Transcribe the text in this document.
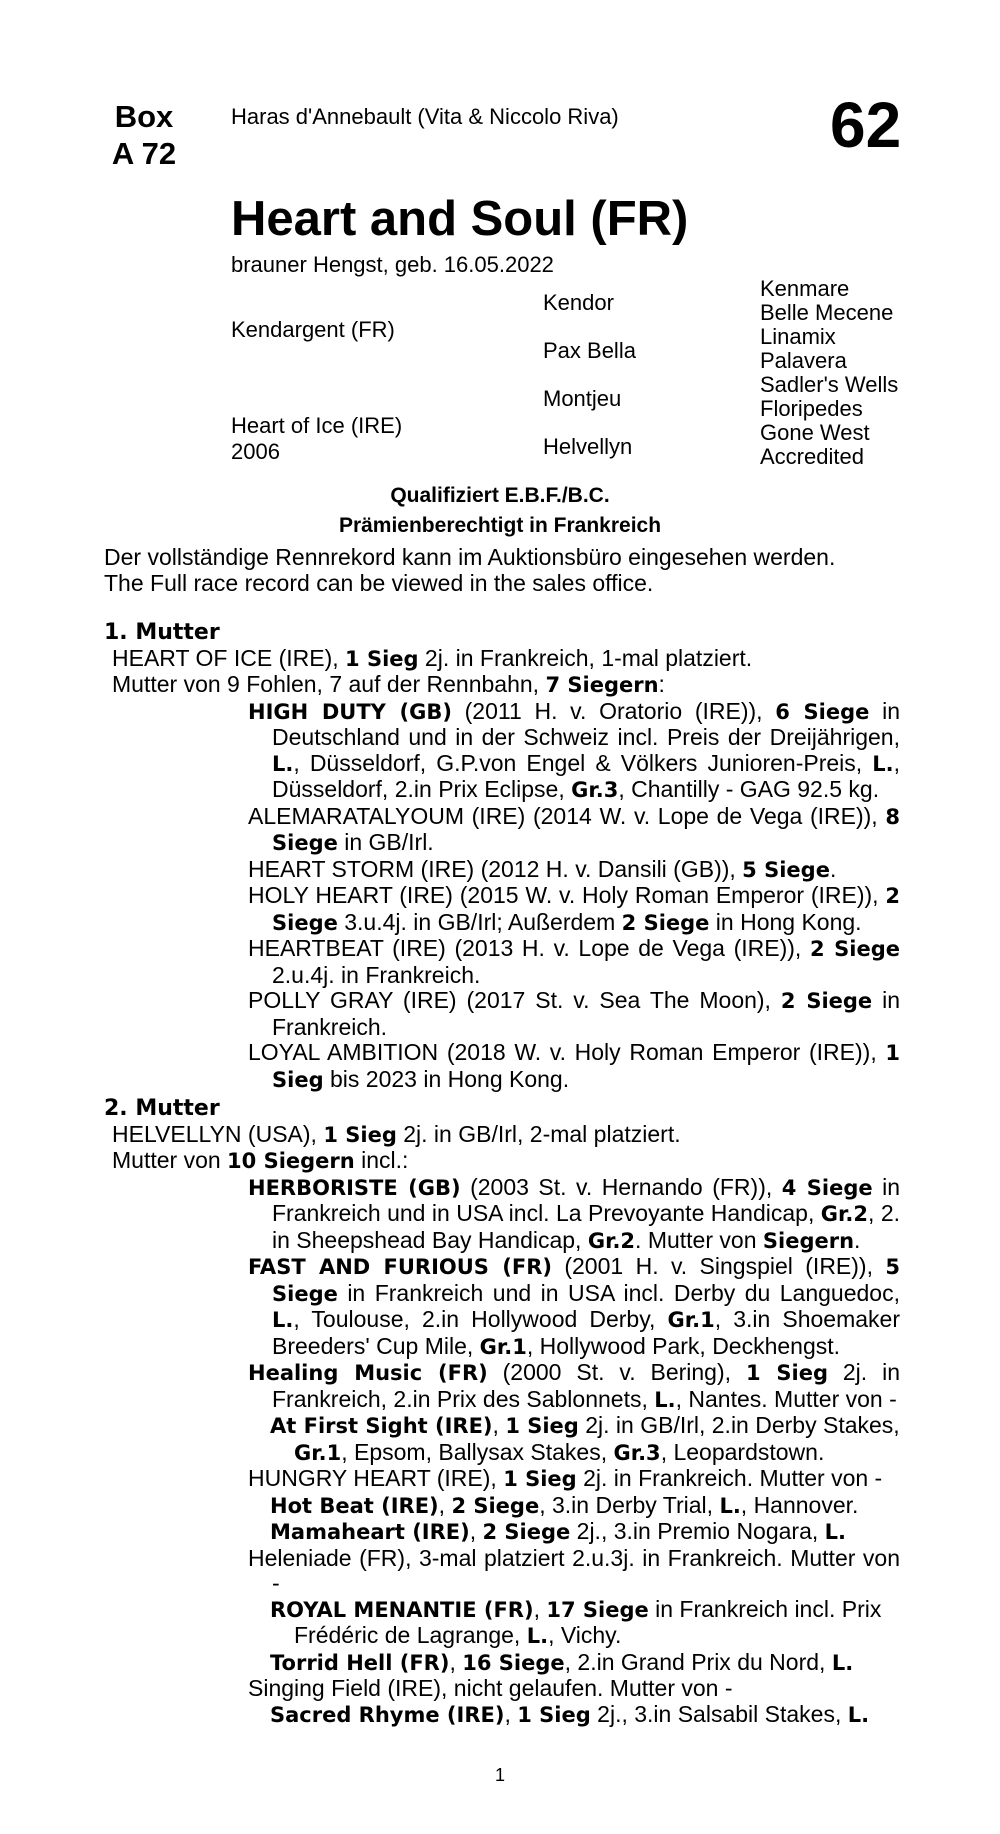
Box
A 72
Haras d'Annebault (Vita & Niccolo Riva)	62
Heart and Soul (FR)
brauner Hengst, geb. 16.05.2022
Kendargent (FR)
Heart of Ice (IRE)
2006
Kendor
Pax Bella
Montjeu
Helvellyn
Kenmare
Belle Mecene
Linamix
Palavera
Sadler's Wells
Floripedes
Gone West
Accredited
Qualifiziert E.B.F./B.C.
Prämienberechtigt in Frankreich
Der vollständige Rennrekord kann im Auktionsbüro eingesehen werden.
The Full race record can be viewed in the sales office.

1. Mutter

HEART OF ICE (IRE), 1 Sieg 2j. in Frankreich, 1-mal platziert.

Mutter von 9 Fohlen, 7 auf der Rennbahn, 7 Siegern:

HIGH DUTY (GB) (2011 H. v. Oratorio (IRE)), 6 Siege in Deutschland und in der Schweiz incl. Preis der Dreijährigen, L., Düsseldorf, G.P.von Engel & Völkers Junioren-Preis, L., Düsseldorf, 2.in Prix Eclipse, Gr.3, Chantilly - GAG 92.5 kg.

ALEMARATALYOUM (IRE) (2014 W. v. Lope de Vega (IRE)), 8 Siege in GB/Irl.

HEART STORM (IRE) (2012 H. v. Dansili (GB)), 5 Siege.

HOLY HEART (IRE) (2015 W. v. Holy Roman Emperor (IRE)), 2 Siege 3.u.4j. in GB/Irl; Außerdem 2 Siege in Hong Kong.

HEARTBEAT (IRE) (2013 H. v. Lope de Vega (IRE)), 2 Siege 2.u.4j. in Frankreich.

POLLY GRAY (IRE) (2017 St. v. Sea The Moon), 2 Siege in Frankreich.

LOYAL AMBITION (2018 W. v. Holy Roman Emperor (IRE)), 1 Sieg bis 2023 in Hong Kong.

2. Mutter

HELVELLYN (USA), 1 Sieg 2j. in GB/Irl, 2-mal platziert.

Mutter von 10 Siegern incl.:

HERBORISTE (GB) (2003 St. v. Hernando (FR)), 4 Siege in Frankreich und in USA incl. La Prevoyante Handicap, Gr.2, 2. in Sheepshead Bay Handicap, Gr.2. Mutter von Siegern.

FAST AND FURIOUS (FR) (2001 H. v. Singspiel (IRE)), 5 Siege in Frankreich und in USA incl. Derby du Languedoc, L., Toulouse, 2.in Hollywood Derby, Gr.1, 3.in Shoemaker Breeders' Cup Mile, Gr.1, Hollywood Park, Deckhengst.

Healing Music (FR) (2000 St. v. Bering), 1 Sieg 2j. in Frankreich, 2.in Prix des Sablonnets, L., Nantes. Mutter von -

At First Sight (IRE), 1 Sieg 2j. in GB/Irl, 2.in Derby Stakes, Gr.1, Epsom, Ballysax Stakes, Gr.3, Leopardstown.

HUNGRY HEART (IRE), 1 Sieg 2j. in Frankreich. Mutter von -

Hot Beat (IRE), 2 Siege, 3.in Derby Trial, L., Hannover.

Mamaheart (IRE), 2 Siege 2j., 3.in Premio Nogara, L.

Heleniade (FR), 3-mal platziert 2.u.3j. in Frankreich. Mutter von -

ROYAL MENANTIE (FR), 17 Siege in Frankreich incl. Prix Frédéric de Lagrange, L., Vichy.

Torrid Hell (FR), 16 Siege, 2.in Grand Prix du Nord, L.

Singing Field (IRE), nicht gelaufen. Mutter von -

Sacred Rhyme (IRE), 1 Sieg 2j., 3.in Salsabil Stakes, L.

1
